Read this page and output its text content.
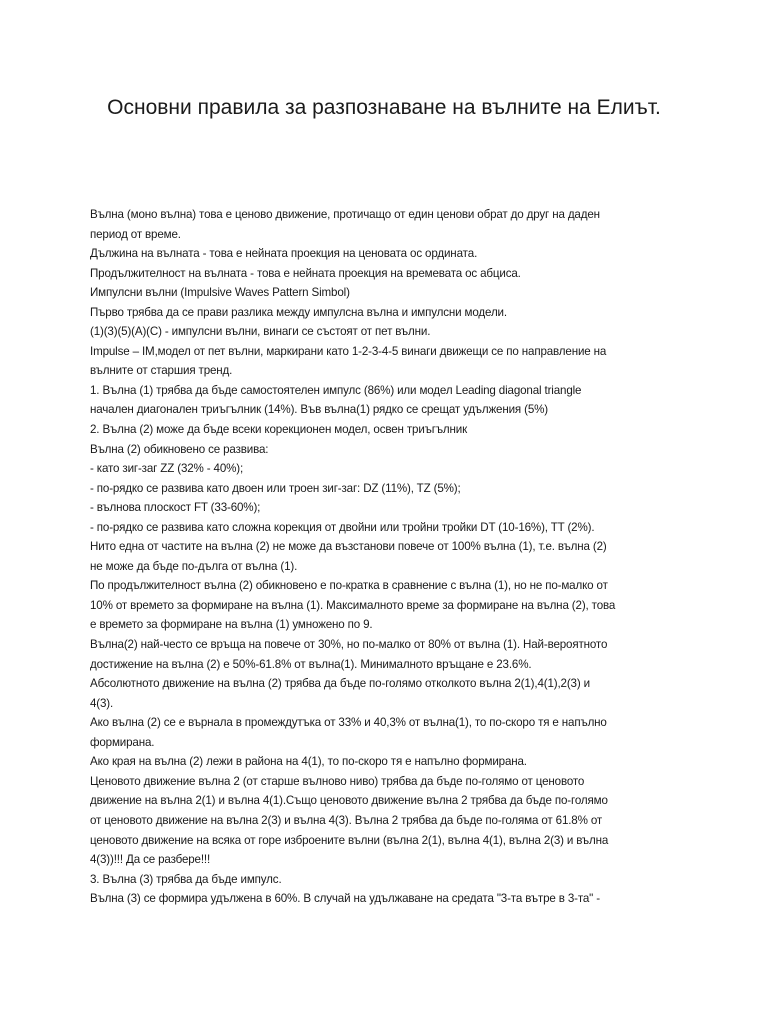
Основни правила за разпознаване на вълните на Елиът.
Вълна (моно вълна) това е ценово движение, протичащо от един ценови обрат до друг на даден
период от време.
Дължина на вълната - това е нейната проекция на ценовата ос ординатa.
Продължителност на вълната - това е нейната проекция на времевата ос абциса.
Импулсни вълни (Impulsive Waves Pattern Simbol)
Първо трябва да се прави разлика между импулсна вълна и импулсни модели.
(1)(3)(5)(A)(C) - импулсни вълни, винаги се състоят от пет вълни.
Impulse – IM,модел от пет вълни, маркирани като 1-2-3-4-5 винаги движещи се по направление на
вълните от старшия тренд.
1. Вълна (1) трябва да бъде самостоятелен импулс (86%) или модел Leading diagonal triangle
начален диагонален триъгълник (14%). Във вълна(1) рядко се срещат удължения (5%)
2. Вълна (2) може да бъде всеки корекционен модел, освен триъгълник
Вълна (2) обикновено се развива:
- като зиг-заг ZZ (32% - 40%);
- по-рядко се развива като двоен или троен зиг-заг: DZ (11%), TZ (5%);
- вълнова плоскост FT (33-60%);
- по-рядко се развива като сложна корекция от двойни или тройни тройки DT (10-16%), TT (2%).
Нито една от частите на вълна (2) не може да възстанови повече от 100% вълна (1), т.е. вълна (2)
не може да бъде по-дълга от вълна (1).
По продължителност вълна (2) обикновено е по-кратка в сравнение с вълна (1), но не по-малко от
10% от времето за формиране на вълна (1). Максималното време за формиране на вълна (2), това
е времето за формиране на вълна (1) умножено по 9.
Вълна(2) най-често се връща на повече от 30%, но по-малко от 80% от вълна (1). Най-вероятното
достижение на вълна (2) е 50%-61.8% от вълна(1). Минималното връщане е 23.6%.
Абсолютното движение на вълна (2) трябва да бъде по-голямо отколкото вълна 2(1),4(1),2(3) и
4(3).
Ако вълна (2) се е върнала в промеждутъка от 33% и 40,3% от вълна(1), то по-скоро тя е напълно
формирана.
Ако края на вълна (2) лежи в района на 4(1), то по-скоро тя е напълно формирана.
Ценовото движение вълна 2 (от старше вълново ниво) трябва да бъде по-голямо от ценовото
движение на вълна 2(1) и вълна 4(1).Също ценовото движение вълна 2 трябва да бъде по-голямо
от ценовото движение на вълна 2(3) и вълна 4(3). Вълна 2 трябва да бъде по-голяма от 61.8% от
ценовото движение на всяка от горе изброените вълни (вълна 2(1), вълна 4(1), вълна 2(3) и вълна
4(3))!!! Да се разбере!!!
3. Вълна (3) трябва да бъде импулс.
Вълна (3) се формира удължена в 60%. В случай на удължаване на средата "3-та вътре в 3-та" -
